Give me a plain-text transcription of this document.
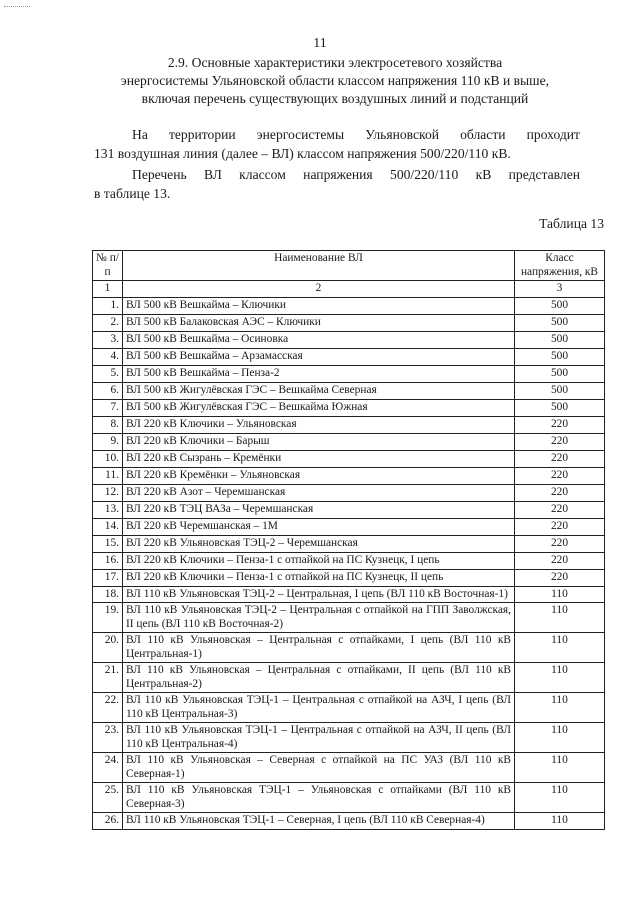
11
2.9. Основные характеристики электросетевого хозяйства
энергосистемы Ульяновской области классом напряжения 110 кВ и выше,
включая перечень существующих воздушных линий и подстанций
На территории энергосистемы Ульяновской области проходит
131 воздушная линия (далее – ВЛ) классом напряжения 500/220/110 кВ.
Перечень ВЛ классом напряжения 500/220/110 кВ представлен
в таблице 13.
Таблица 13
№ п/п	Наименование ВЛ	Класс напряжения, кВ
1	2	3
1.	ВЛ 500 кВ Вешкайма – Ключики	500
2.	ВЛ 500 кВ Балаковская АЭС – Ключики	500
3.	ВЛ 500 кВ Вешкайма – Осиновка	500
4.	ВЛ 500 кВ Вешкайма – Арзамасская	500
5.	ВЛ 500 кВ Вешкайма – Пенза-2	500
6.	ВЛ 500 кВ Жигулёвская ГЭС – Вешкайма Северная	500
7.	ВЛ 500 кВ Жигулёвская ГЭС – Вешкайма Южная	500
8.	ВЛ 220 кВ Ключики – Ульяновская	220
9.	ВЛ 220 кВ Ключики – Барыш	220
10.	ВЛ 220 кВ Сызрань – Кремёнки	220
11.	ВЛ 220 кВ Кремёнки – Ульяновская	220
12.	ВЛ 220 кВ Азот – Черемшанская	220
13.	ВЛ 220 кВ ТЭЦ ВАЗа – Черемшанская	220
14.	ВЛ 220 кВ Черемшанская – 1М	220
15.	ВЛ 220 кВ Ульяновская ТЭЦ-2 – Черемшанская	220
16.	ВЛ 220 кВ Ключики – Пенза-1 с отпайкой на ПС Кузнецк, I цепь	220
17.	ВЛ 220 кВ Ключики – Пенза-1 с отпайкой на ПС Кузнецк, II цепь	220
18.	ВЛ 110 кВ Ульяновская ТЭЦ-2 – Центральная, I цепь (ВЛ 110 кВ Восточная-1)	110
19.	ВЛ 110 кВ Ульяновская ТЭЦ-2 – Центральная с отпайкой на ГПП Заволжская, II цепь (ВЛ 110 кВ Восточная-2)	110
20.	ВЛ 110 кВ Ульяновская – Центральная с отпайками, I цепь (ВЛ 110 кВ Центральная-1)	110
21.	ВЛ 110 кВ Ульяновская – Центральная с отпайками, II цепь (ВЛ 110 кВ Центральная-2)	110
22.	ВЛ 110 кВ Ульяновская ТЭЦ-1 – Центральная с отпайкой на АЗЧ, I цепь (ВЛ 110 кВ Центральная-3)	110
23.	ВЛ 110 кВ Ульяновская ТЭЦ-1 – Центральная с отпайкой на АЗЧ, II цепь (ВЛ 110 кВ Центральная-4)	110
24.	ВЛ 110 кВ Ульяновская – Северная с отпайкой на ПС УАЗ (ВЛ 110 кВ Северная-1)	110
25.	ВЛ 110 кВ Ульяновская ТЭЦ-1 – Ульяновская с отпайками (ВЛ 110 кВ Северная-3)	110
26.	ВЛ 110 кВ Ульяновская ТЭЦ-1 – Северная, I цепь (ВЛ 110 кВ Северная-4)	110
